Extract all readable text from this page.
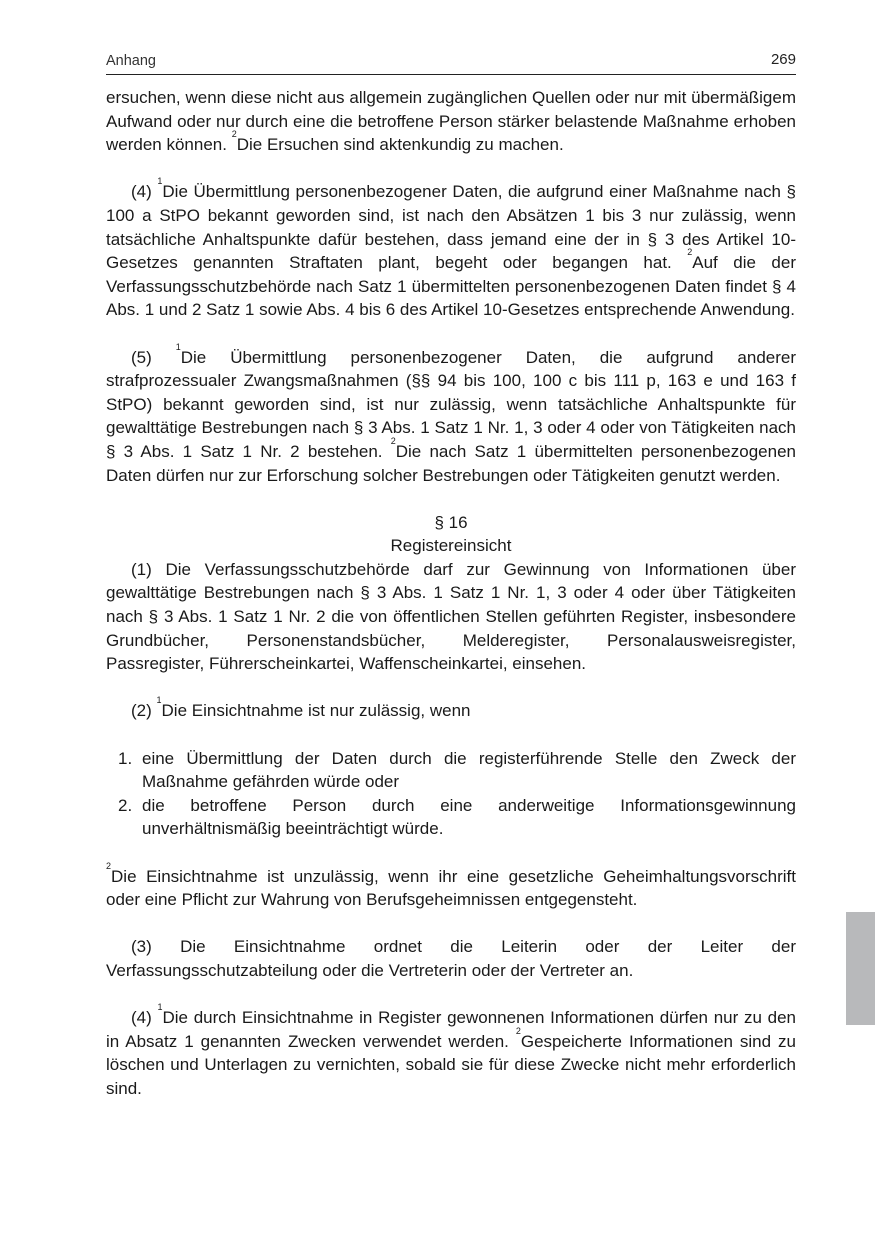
Anhang	269

ersuchen, wenn diese nicht aus allgemein zugänglichen Quellen oder nur mit übermäßigem Aufwand oder nur durch eine die betroffene Person stärker belastende Maßnahme erhoben werden können. $^2$Die Ersuchen sind aktenkundig zu machen.

(4) $^1$Die Übermittlung personenbezogener Daten, die aufgrund einer Maßnahme nach § 100 a StPO bekannt geworden sind, ist nach den Absätzen 1 bis 3 nur zulässig, wenn tatsächliche Anhaltspunkte dafür bestehen, dass jemand eine der in § 3 des Artikel 10-Gesetzes genannten Straftaten plant, begeht oder begangen hat. $^2$Auf die der Verfassungsschutzbehörde nach Satz 1 übermittelten personenbezogenen Daten findet § 4 Abs. 1 und 2 Satz 1 sowie Abs. 4 bis 6 des Artikel 10-Gesetzes entsprechende Anwendung.

(5) $^1$Die Übermittlung personenbezogener Daten, die aufgrund anderer strafprozessualer Zwangsmaßnahmen (§§ 94 bis 100, 100 c bis 111 p, 163 e und 163 f StPO) bekannt geworden sind, ist nur zulässig, wenn tatsächliche Anhaltspunkte für gewalttätige Bestrebungen nach § 3 Abs. 1 Satz 1 Nr. 1, 3 oder 4 oder von Tätigkeiten nach § 3 Abs. 1 Satz 1 Nr. 2 bestehen. $^2$Die nach Satz 1 übermittelten personenbezogenen Daten dürfen nur zur Erforschung solcher Bestrebungen oder Tätigkeiten genutzt werden.

§ 16

Registereinsicht

(1) Die Verfassungsschutzbehörde darf zur Gewinnung von Informationen über gewalttätige Bestrebungen nach § 3 Abs. 1 Satz 1 Nr. 1, 3 oder 4 oder über Tätigkeiten nach § 3 Abs. 1 Satz 1 Nr. 2 die von öffentlichen Stellen geführten Register, insbesondere Grundbücher, Personenstandsbücher, Melderegister, Personalausweisregister, Passregister, Führerscheinkartei, Waffenscheinkartei, einsehen.

(2) $^1$Die Einsichtnahme ist nur zulässig, wenn

1. eine Übermittlung der Daten durch die registerführende Stelle den Zweck der Maßnahme gefährden würde oder
2. die betroffene Person durch eine anderweitige Informationsgewinnung unverhältnismäßig beeinträchtigt würde.

$^2$Die Einsichtnahme ist unzulässig, wenn ihr eine gesetzliche Geheimhaltungsvorschrift oder eine Pflicht zur Wahrung von Berufsgeheimnissen entgegensteht.

(3) Die Einsichtnahme ordnet die Leiterin oder der Leiter der Verfassungsschutzabteilung oder die Vertreterin oder der Vertreter an.

(4) $^1$Die durch Einsichtnahme in Register gewonnenen Informationen dürfen nur zu den in Absatz 1 genannten Zwecken verwendet werden. $^2$Gespeicherte Informationen sind zu löschen und Unterlagen zu vernichten, sobald sie für diese Zwecke nicht mehr erforderlich sind.
